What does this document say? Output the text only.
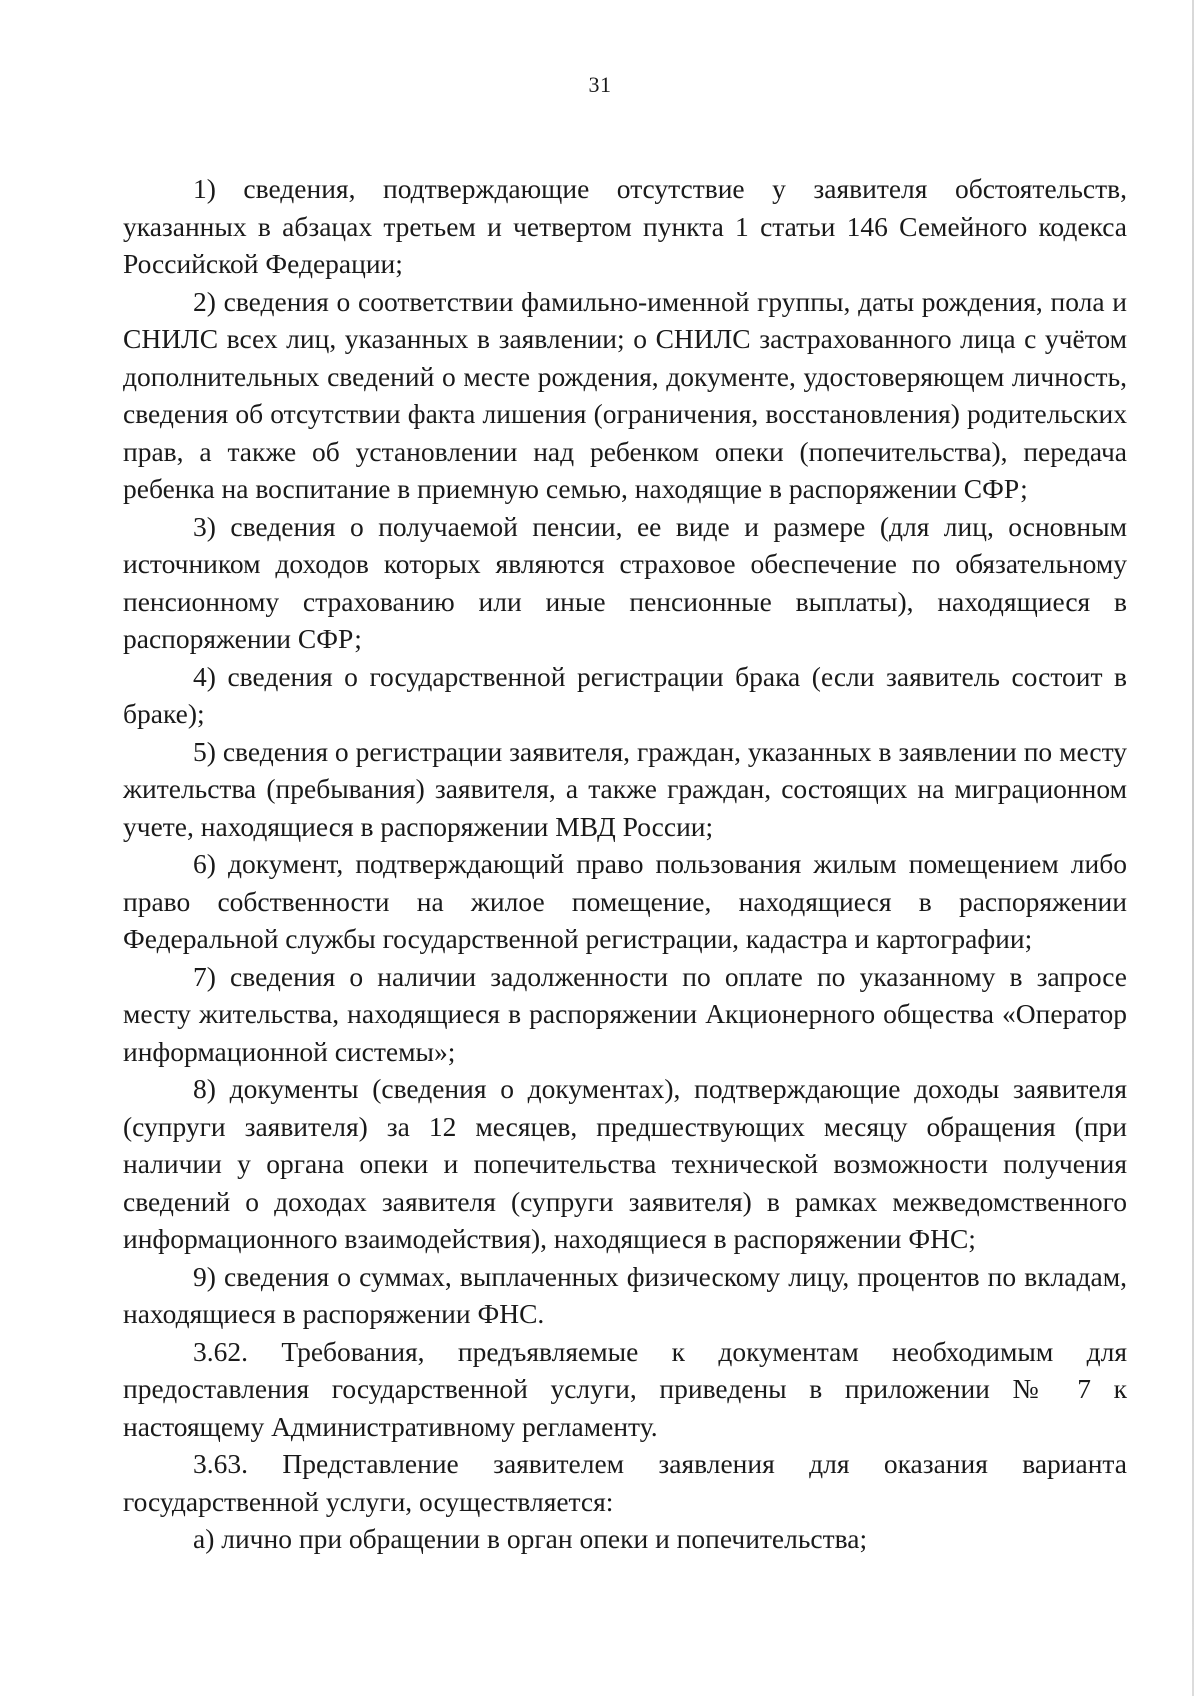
31

1) сведения, подтверждающие отсутствие у заявителя обстоятельств, указанных в абзацах третьем и четвертом пункта 1 статьи 146 Семейного кодекса Российской Федерации;

2) сведения о соответствии фамильно-именной группы, даты рождения, пола и СНИЛС всех лиц, указанных в заявлении; о СНИЛС застрахованного лица с учётом дополнительных сведений о месте рождения, документе, удостоверяющем личность, сведения об отсутствии факта лишения (ограничения, восстановления) родительских прав, а также об установлении над ребенком опеки (попечительства), передача ребенка на воспитание в приемную семью, находящие в распоряжении СФР;

3) сведения о получаемой пенсии, ее виде и размере (для лиц, основным источником доходов которых являются страховое обеспечение по обязательному пенсионному страхованию или иные пенсионные выплаты), находящиеся в распоряжении СФР;

4) сведения о государственной регистрации брака (если заявитель состоит в браке);

5) сведения о регистрации заявителя, граждан, указанных в заявлении по месту жительства (пребывания) заявителя, а также граждан, состоящих на миграционном учете, находящиеся в распоряжении МВД России;

6) документ, подтверждающий право пользования жилым помещением либо право собственности на жилое помещение, находящиеся в распоряжении Федеральной службы государственной регистрации, кадастра и картографии;

7) сведения о наличии задолженности по оплате по указанному в запросе месту жительства, находящиеся в распоряжении Акционерного общества «Оператор информационной системы»;

8) документы (сведения о документах), подтверждающие доходы заявителя (супруги заявителя) за 12 месяцев, предшествующих месяцу обращения (при наличии у органа опеки и попечительства технической возможности получения сведений о доходах заявителя (супруги заявителя) в рамках межведомственного информационного взаимодействия), находящиеся в распоряжении ФНС;

9) сведения о суммах, выплаченных физическому лицу, процентов по вкладам, находящиеся в распоряжении ФНС.

3.62. Требования, предъявляемые к документам необходимым для предоставления государственной услуги, приведены в приложении № 7 к настоящему Административному регламенту.

3.63. Представление заявителем заявления для оказания варианта государственной услуги, осуществляется:

а) лично при обращении в орган опеки и попечительства;
